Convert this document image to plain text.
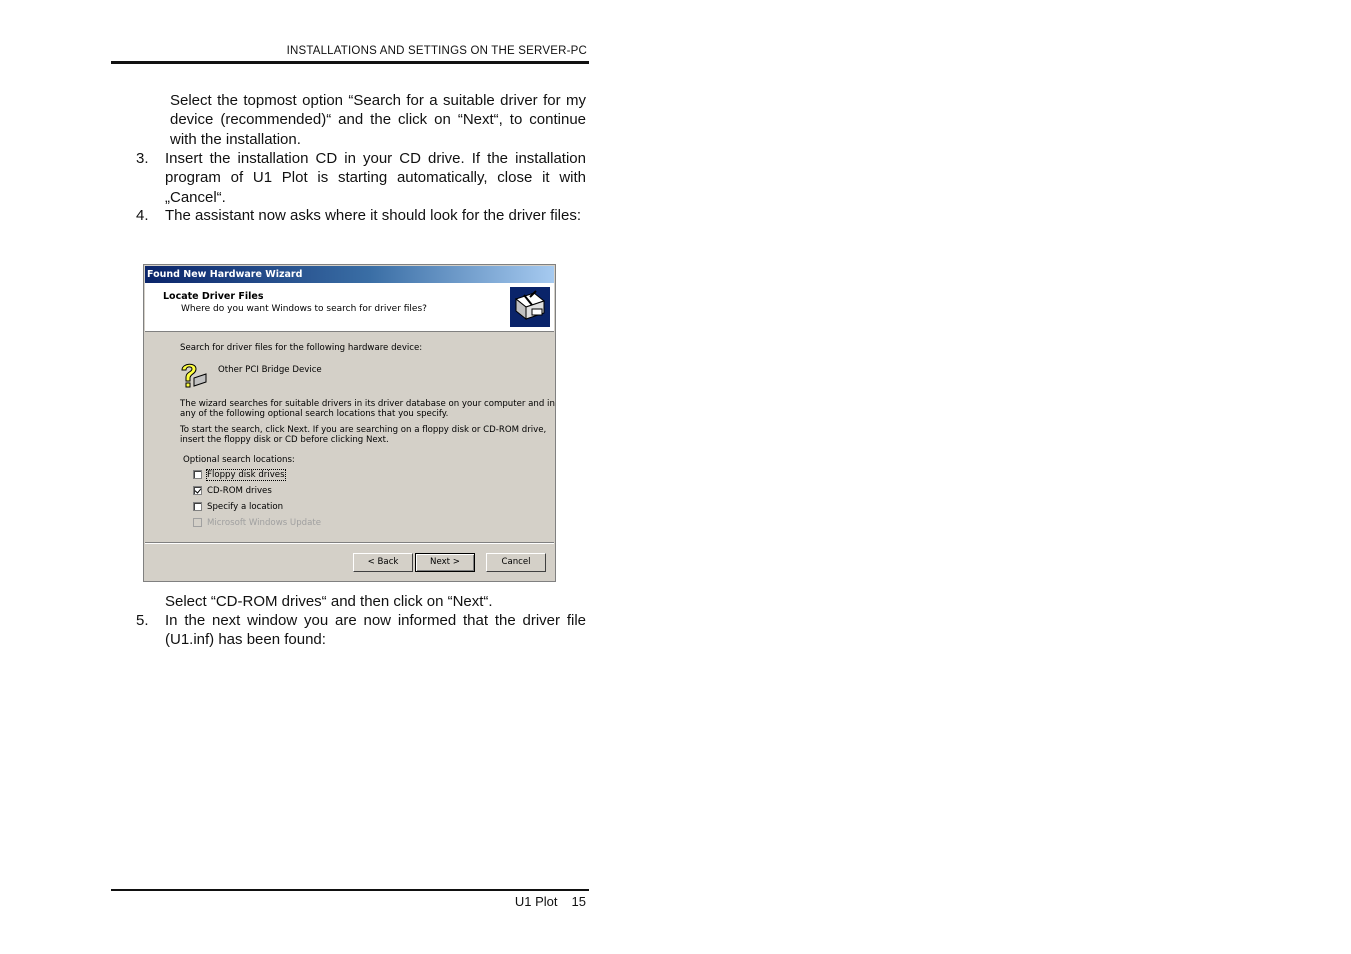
INSTALLATIONS AND SETTINGS ON THE SERVER-PC
Select the topmost option “Search for a suitable driver for my device (recommended)“ and the click on “Next“, to continue with the installation.
3. Insert the installation CD in your CD drive. If the installation program of U1 Plot is starting automatically, close it with „Cancel“.
4. The assistant now asks where it should look for the driver files:
Found New Hardware Wizard
Locate Driver Files
Where do you want Windows to search for driver files?
Search for driver files for the following hardware device:
Other PCI Bridge Device
The wizard searches for suitable drivers in its driver database on your computer and in
any of the following optional search locations that you specify.
To start the search, click Next. If you are searching on a floppy disk or CD-ROM drive,
insert the floppy disk or CD before clicking Next.
Optional search locations:
Floppy disk drives
CD-ROM drives
Specify a location
Microsoft Windows Update
< Back	Next >	Cancel
Select “CD-ROM drives“ and then click on “Next“.
5. In the next window you are now informed that the driver file (U1.inf) has been found:
U1 Plot 15
